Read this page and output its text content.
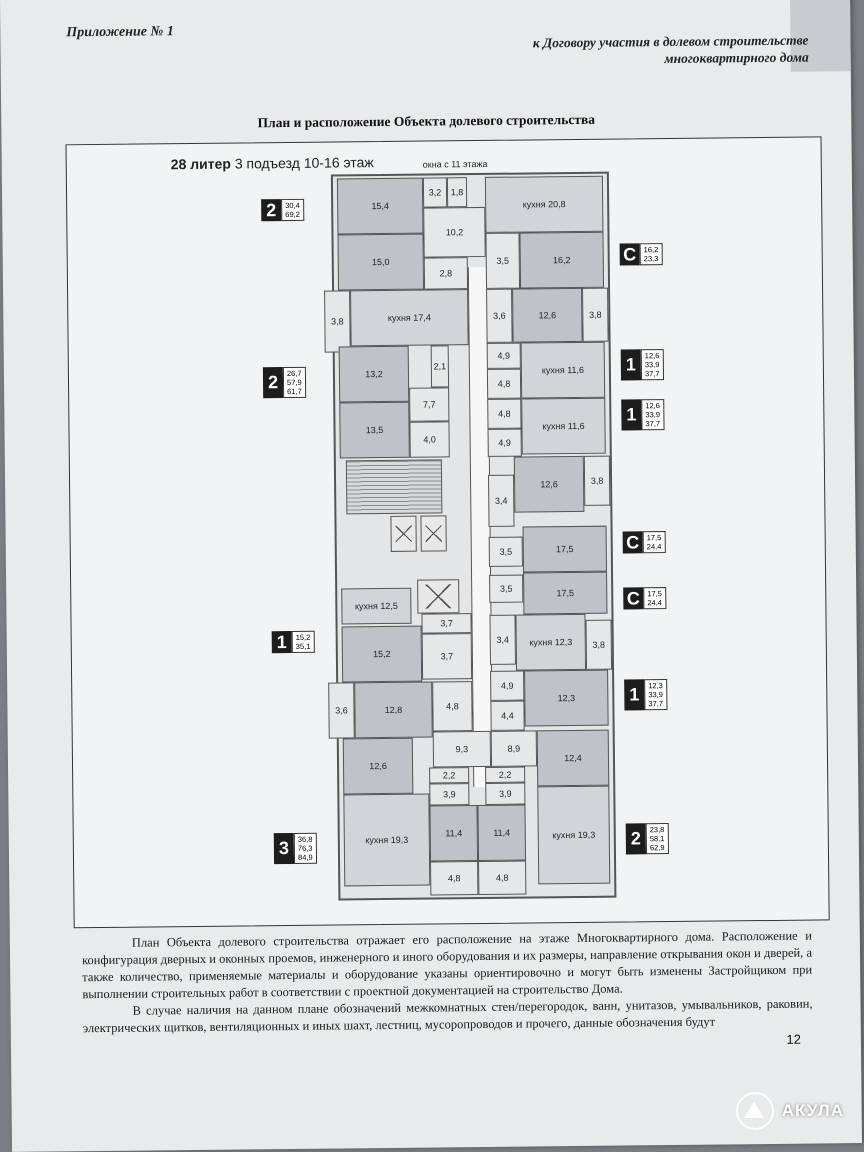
Приложение № 1
к Договору участия в долевом строительстве
многоквартирного дома
План и расположение Объекта долевого строительства
28 литер 3 подъезд 10-16 этаж	окна с 11 этажа
15,4
3,2	1,8
кухня 20,8
10,2
15,0
2,8
3,5	16,2
3,8	кухня 17,4	3,6	12,6	3,8
13,2
2,1
4,9
4,8
кухня 11,6
7,7
13,5
4,0
4,8
кухня 11,6
4,9
12,6
3,4
3,8
3,5	17,5
кухня 12,5
3,5	17,5
3,7
15,2	3,7
3,4	кухня 12,3	3,8
3,6	4,8
4,9
12,3
12,8
4,4
9,3
12,6
8,9
12,4
2,2	2,2
3,9	3,9
кухня 19,3
11,4	11,4	кухня 19,3
4,8	4,8
2	30,4
69,2
С 16,2
23,3
2	26,7
57,9
61,7
1	12,6
33,9
37,7
1	12,6
33,9
37,7
С 17,5
24,4
С 17,5
24,4
1	15,2
35,1
1	12,3
33,9
37,7
3	36,8
76,3
84,9
2	23,8
58,1
62,9

План Объекта долевого строительства отражает его расположение на этаже Многоквартирного дома. Расположение и конфигурация дверных и оконных проемов, инженерного и иного оборудования и их размеры, направление открывания окон и дверей, а также количество, применяемые материалы и оборудование указаны ориентировочно и могут быть изменены Застройщиком при выполнении строительных работ в соответствии с проектной документацией на строительство Дома.

В случае наличия на данном плане обозначений межкомнатных стен/перегородок, ванн, унитазов, умывальников, раковин, электрических щитков, вентиляционных и иных шахт, лестниц, мусоропроводов и прочего, данные обозначения будут

12
АКУЛА
